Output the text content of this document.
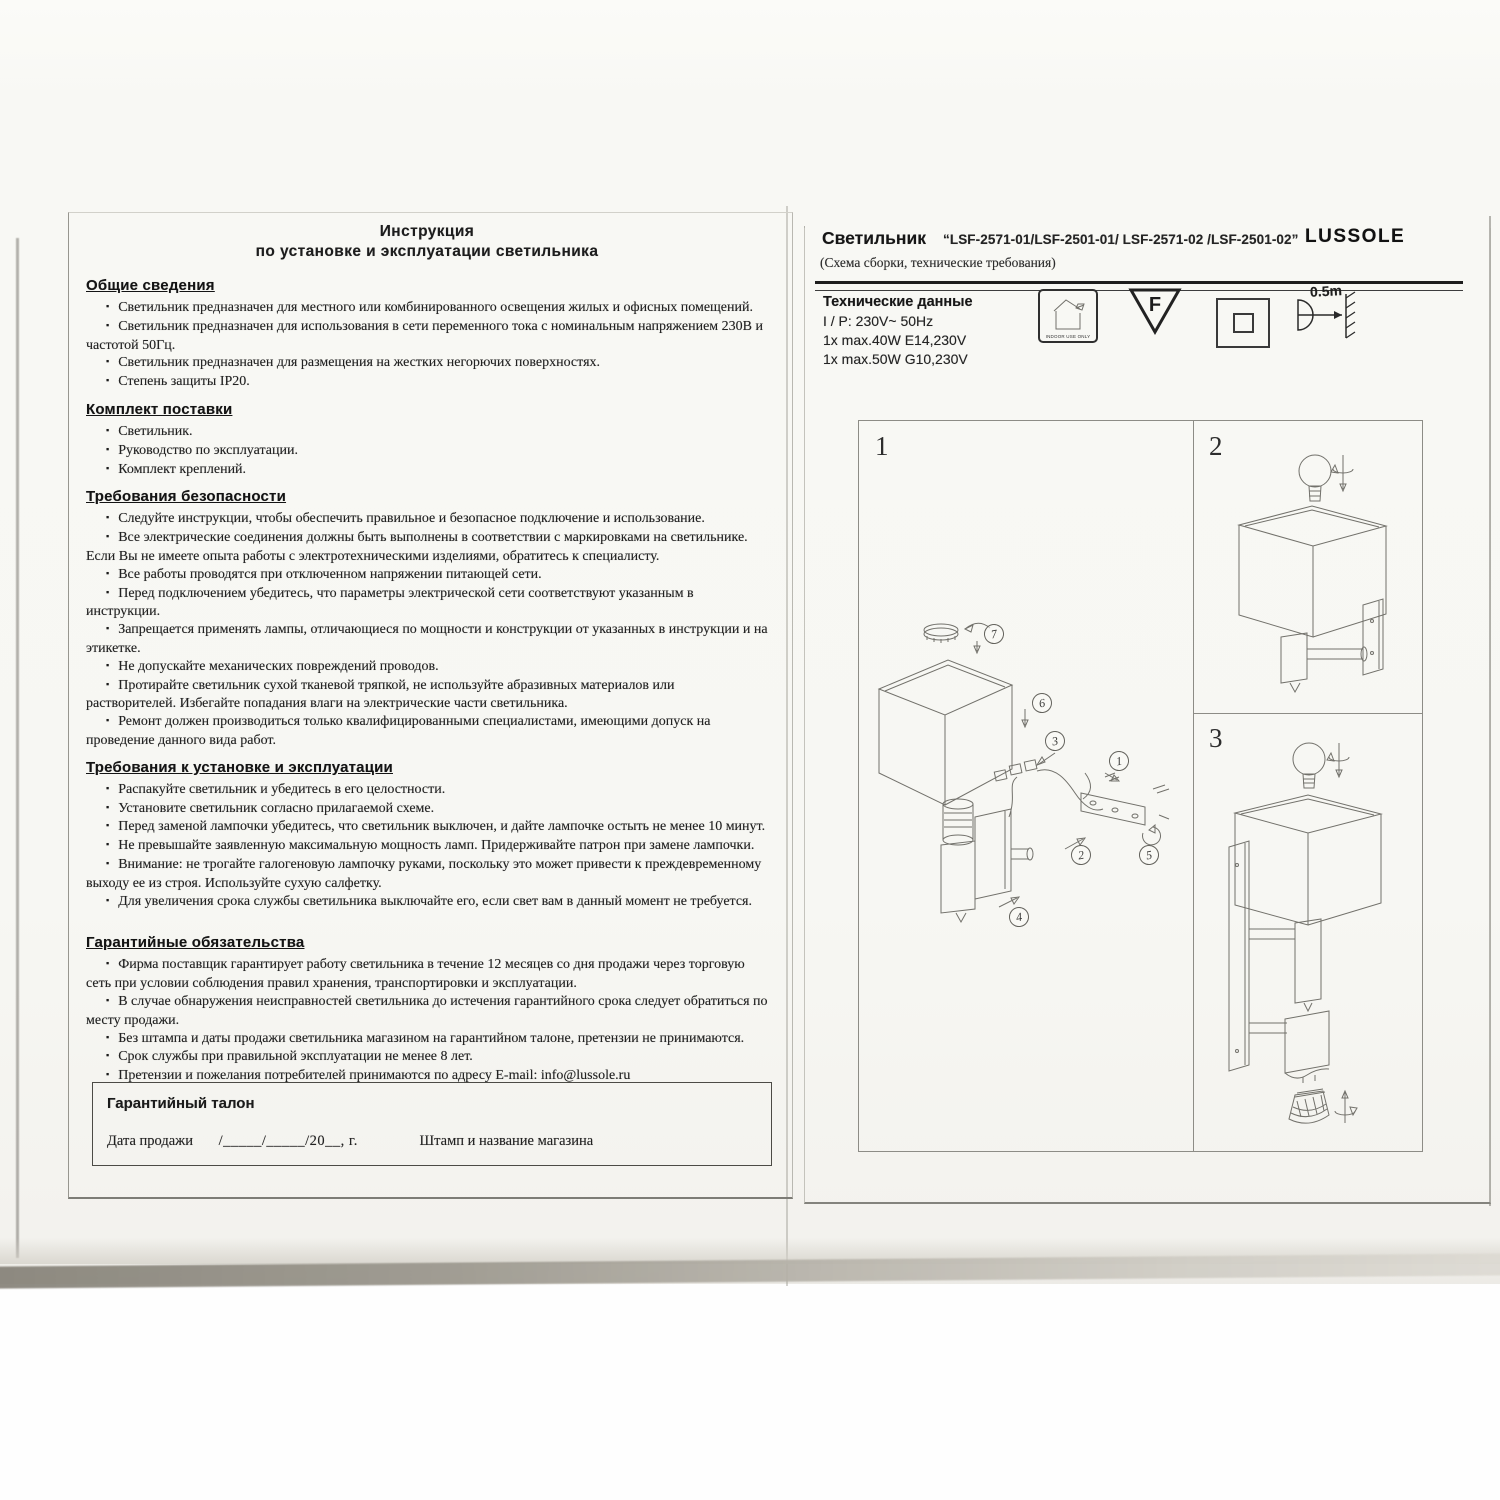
Инструкция
по установке и эксплуатации светильника
Общие сведения
▪ Светильник предназначен для местного или комбинированного освещения жилых и офисных помещений.
▪ Светильник предназначен для использования в сети переменного тока с номинальным напряжением 230В и частотой 50Гц.
▪ Светильник предназначен для размещения на жестких негорючих поверхностях.
▪ Степень защиты IP20.
Комплект поставки
▪ Светильник.
▪ Руководство по эксплуатации.
▪ Комплект креплений.
Требования безопасности
▪ Следуйте инструкции, чтобы обеспечить правильное и безопасное подключение и использование.
▪ Все электрические соединения должны быть выполнены в соответствии с маркировками на светильнике. Если Вы не имеете опыта работы с электротехническими изделиями, обратитесь к специалисту.
▪ Все работы проводятся при отключенном напряжении питающей сети.
▪ Перед подключением убедитесь, что параметры электрической сети соответствуют указанным в инструкции.
▪ Запрещается применять лампы, отличающиеся по мощности и конструкции от указанных в инструкции и на этикетке.
▪ Не допускайте механических повреждений проводов.
▪ Протирайте светильник сухой тканевой тряпкой, не используйте абразивных материалов или растворителей. Избегайте попадания влаги на электрические части светильника.
▪ Ремонт должен производиться только квалифицированными специалистами, имеющими допуск на проведение данного вида работ.
Требования к установке и эксплуатации
▪ Распакуйте светильник и убедитесь в его целостности.
▪ Установите светильник согласно прилагаемой схеме.
▪ Перед заменой лампочки убедитесь, что светильник выключен, и дайте лампочке остыть не менее 10 минут.
▪ Не превышайте заявленную максимальную мощность ламп. Придерживайте патрон при замене лампочки.
▪ Внимание: не трогайте галогеновую лампочку руками, поскольку это может привести к преждевременному выходу ее из строя. Используйте сухую салфетку.
▪ Для увеличения срока службы светильника выключайте его, если свет вам в данный момент не требуется.
Гарантийные обязательства
▪ Фирма поставщик гарантирует работу светильника в течение 12 месяцев со дня продажи через торговую сеть при условии соблюдения правил хранения, транспортировки и эксплуатации.
▪ В случае обнаружения неисправностей светильника до истечения гарантийного срока следует обратиться по месту продажи.
▪ Без штампа и даты продажи светильника магазином на гарантийном талоне, претензии не принимаются.
▪ Срок службы при правильной эксплуатации не менее 8 лет.
▪ Претензии и пожелания потребителей принимаются по адресу E-mail: info@lussole.ru
Гарантийный талон
Дата продажи /_____/_____/20__, г.	Штамп и название магазина
Светильник “LSF-2571-01/LSF-2501-01/ LSF-2571-02 /LSF-2501-02” LUSSOLE
(Схема сборки, технические требования)
Технические данные
I / P: 230V~ 50Hz
1x max.40W E14,230V
1x max.50W G10,230V
INDOOR USE ONLY
F
0.5m
1
7
6
3
1
2	5
4
2
3
